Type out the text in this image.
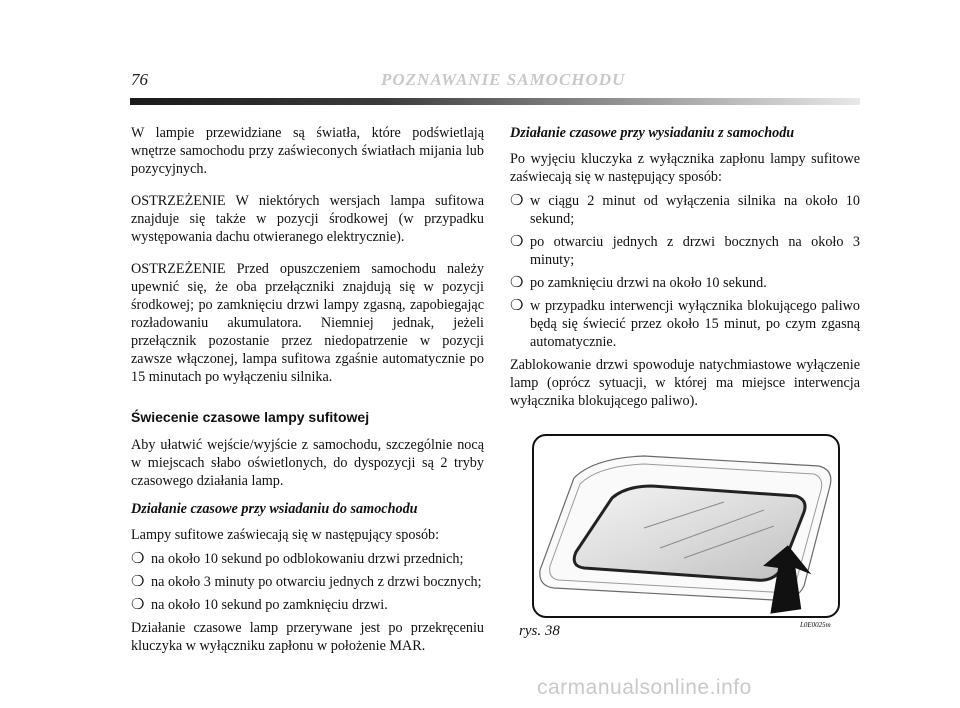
76	POZNAWANIE SAMOCHODU

W lampie przewidziane są światła, które podświetlają wnętrze samochodu przy zaświeconych światłach mijania lub pozycyjnych.

OSTRZEŻENIE W niektórych wersjach lampa sufitowa znajduje się także w pozycji środkowej (w przypadku występowania dachu otwieranego elektrycznie).

OSTRZEŻENIE Przed opuszczeniem samochodu należy upewnić się, że oba przełączniki znajdują się w pozycji środkowej; po zamknięciu drzwi lampy zgasną, zapobiegając rozładowaniu akumulatora. Niemniej jednak, jeżeli przełącznik pozostanie przez niedopatrzenie w pozycji zawsze włączonej, lampa sufitowa zgaśnie automatycznie po 15 minutach po wyłączeniu silnika.

Świecenie czasowe lampy sufitowej

Aby ułatwić wejście/wyjście z samochodu, szczególnie nocą w miejscach słabo oświetlonych, do dyspozycji są 2 tryby czasowego działania lamp.

Działanie czasowe przy wsiadaniu do samochodu

Lampy sufitowe zaświecają się w następujący sposób:

❍ na około 10 sekund po odblokowaniu drzwi przednich;
❍ na około 3 minuty po otwarciu jednych z drzwi bocznych;
❍ na około 10 sekund po zamknięciu drzwi.

Działanie czasowe lamp przerywane jest po przekręceniu kluczyka w wyłączniku zapłonu w położenie MAR.

Działanie czasowe przy wysiadaniu z samochodu

Po wyjęciu kluczyka z wyłącznika zapłonu lampy sufitowe zaświecają się w następujący sposób:

❍ w ciągu 2 minut od wyłączenia silnika na około 10 sekund;
❍ po otwarciu jednych z drzwi bocznych na około 3 minuty;
❍ po zamknięciu drzwi na około 10 sekund.
❍ w przypadku interwencji wyłącznika blokującego paliwo będą się świecić przez około 15 minut, po czym zgasną automatycznie.

Zablokowanie drzwi spowoduje natychmiastowe wyłączenie lamp (oprócz sytuacji, w której ma miejsce interwencja wyłącznika blokującego paliwo).

rys. 38	L0E0025m
carmanualsonline.info
